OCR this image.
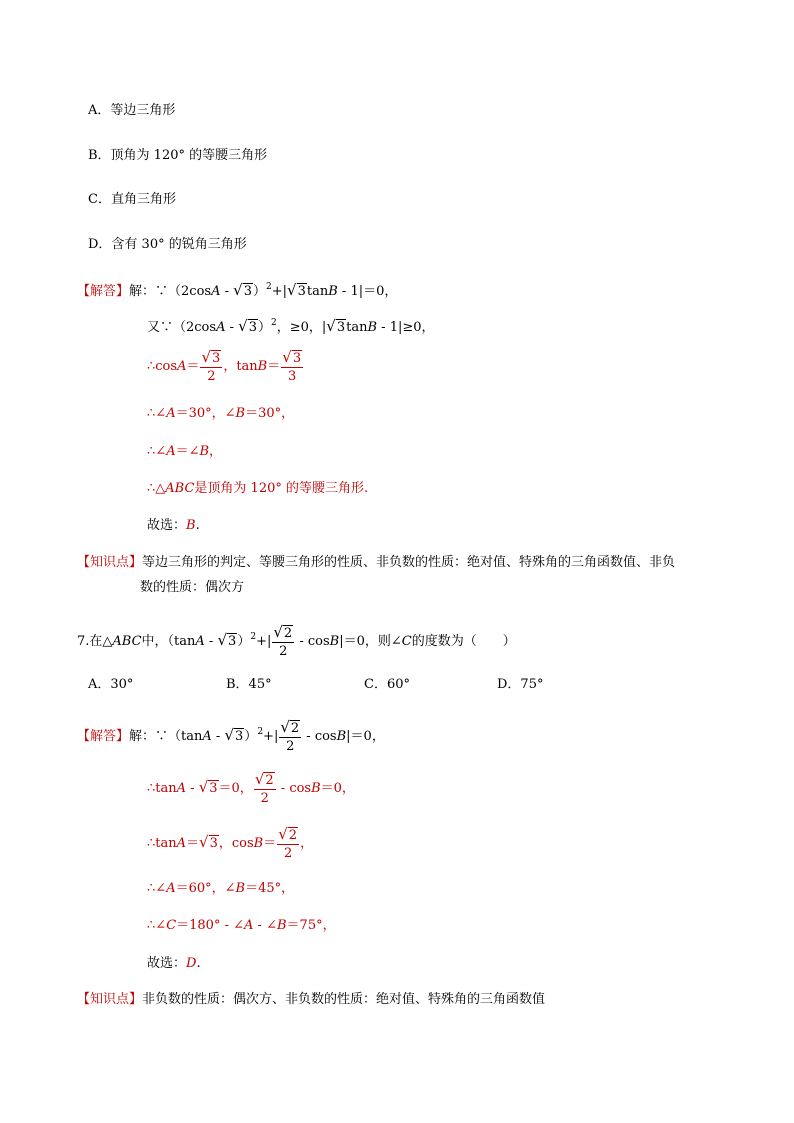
A．等边三角形
B．顶角为 120° 的等腰三角形
C．直角三角形
D．含有 30° 的锐角三角形
【解答】解：∵（2cosA - √3）$^2$+|√3tanB - 1|＝0，
又∵（2cosA - √3）$^2$，≥0，|√3tanB - 1|≥0，
∴cosA＝ $\frac{√3}{2}$ ，$\tan B= \frac{√3}{3}$
∴∠A＝30°，∠B＝30°，
∴∠A＝∠B，
∴△ABC是顶角为 120° 的等腰三角形.
故选：B.
【知识点】等边三角形的判定、等腰三角形的性质、非负数的性质：绝对值、特殊角的三角函数值、非负
数的性质：偶次方
7.在△ABC中，$(\tan A - √3)^2+| \frac{√2}{2} - \cos B|=0$，则∠C的度数为（　　）
A．30°	B．45°	C．60°	D．75°
【解答】解：∵（tanA - $√3)^2+| \frac{√2}{2} - \cos B|=0$，
∴tanA - √3＝0， $\frac{√2}{2} - \cos B=0$，
∴tanA＝√3，$\cos B= \frac{√2}{2}$ ，
∴∠A＝60°，∠B＝45°，
∴∠C＝180° - ∠A - ∠B＝75°，
故选：D.
【知识点】非负数的性质：偶次方、非负数的性质：绝对值、特殊角的三角函数值
